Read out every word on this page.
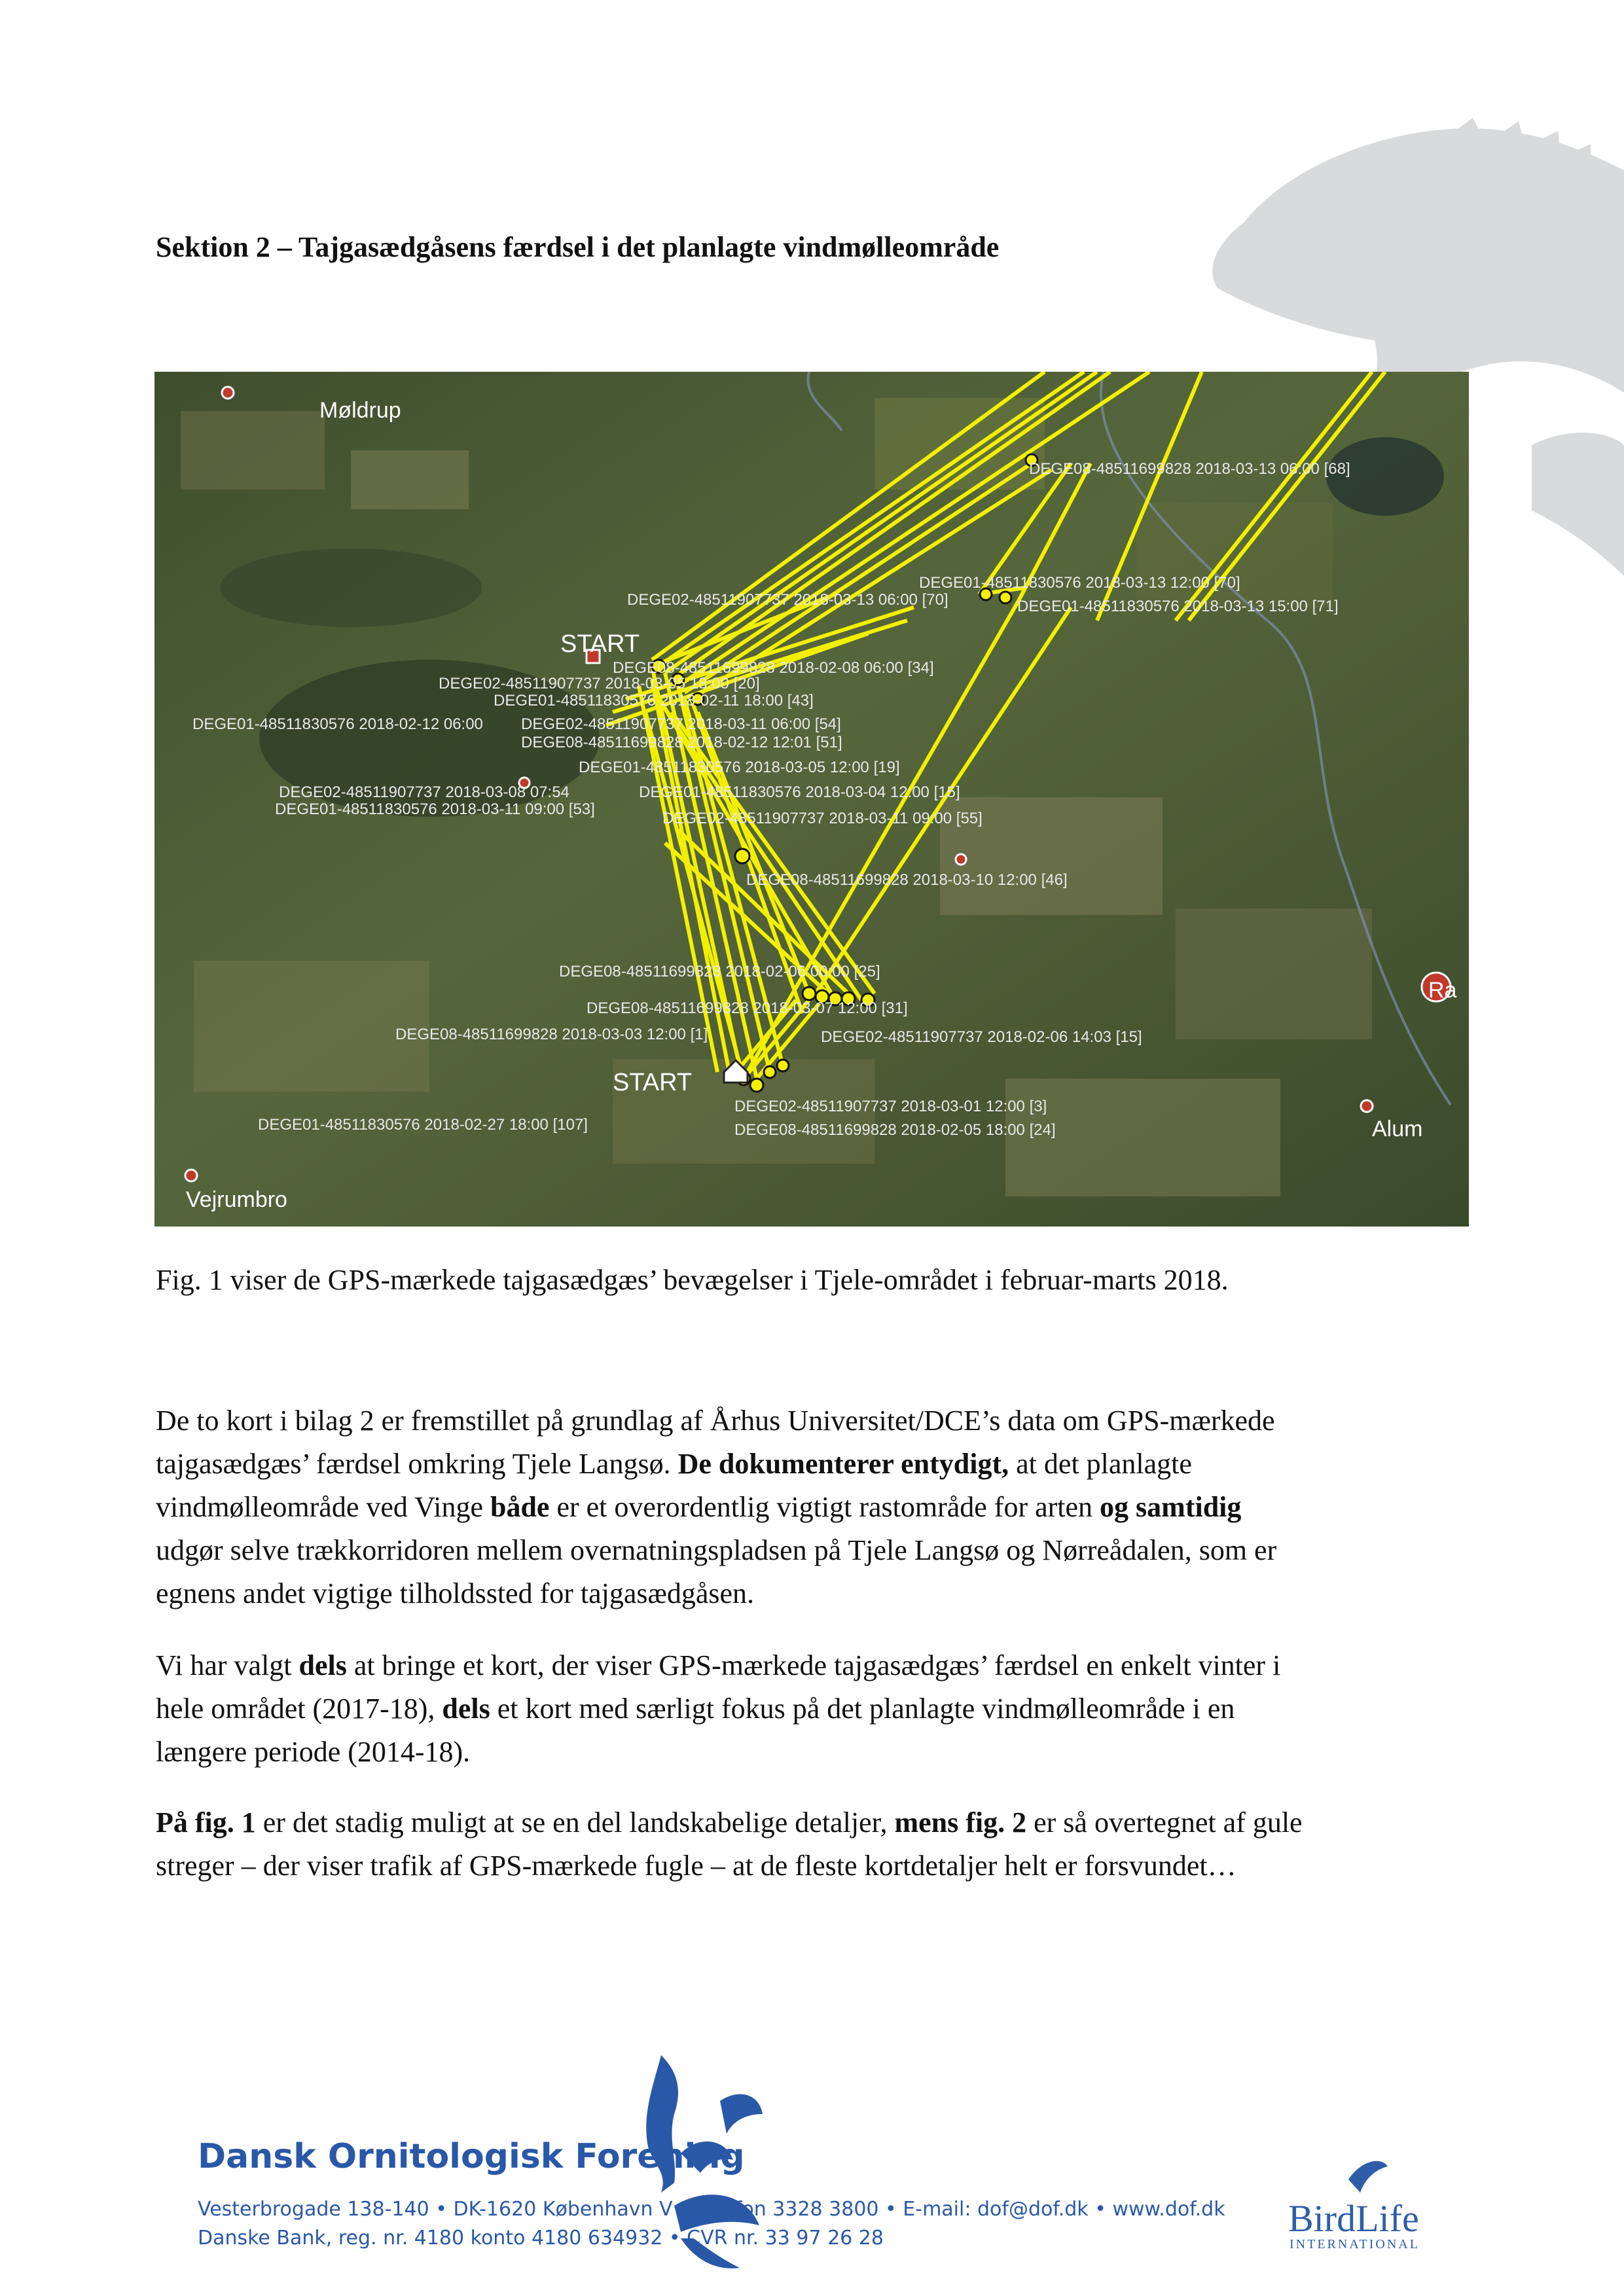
Sektion 2 – Tajgasædgåsens færdsel i det planlagte vindmølleområde
Møldrup
Vejrumbro
Alum
Ra
START
START
DEGE08-48511699828 2018-03-13 06:00 [68]
DEGE01-48511830576 2018-03-13 12:00 [70]
DEGE02-48511907737 2018-03-13 06:00 [70]	DEGE01-48511830576 2018-03-13 15:00 [71]
DEGE08-48511699828 2018-02-08 06:00 [34]
DEGE02-48511907737 2018-03-05 18:00 [20]
DEGE01-48511830576 2018-02-11 18:00 [43]
DEGE01-48511830576 2018-02-12 06:00 DEGE02-48511907737 2018-03-11 06:00 [54]
DEGE08-48511699828 2018-02-12 12:01 [51]
DEGE01-48511830576 2018-03-05 12:00 [19]
DEGE02-48511907737 2018-03-08 07:54	DEGE01-48511830576 2018-03-04 12:00 [15]
DEGE01-48511830576 2018-03-11 09:00 [53]
DEGE02-48511907737 2018-03-11 09:00 [55]
DEGE08-48511699828 2018-03-10 12:00 [46]
DEGE08-48511699828 2018-02-06 00:00 [25]
DEGE08-48511699828 2018-03-07 12:00 [31]
DEGE08-48511699828 2018-03-03 12:00 [1]	DEGE02-48511907737 2018-02-06 14:03 [15]
DEGE02-48511907737 2018-03-01 12:00 [3]
DEGE01-48511830576 2018-02-27 18:00 [107]	DEGE08-48511699828 2018-02-05 18:00 [24]
Fig. 1 viser de GPS-mærkede tajgasædgæs’ bevægelser i Tjele-området i februar-marts 2018.
De to kort i bilag 2 er fremstillet på grundlag af Århus Universitet/DCE’s data om GPS-mærkede
tajgasædgæs’ færdsel omkring Tjele Langsø. De dokumenterer entydigt, at det planlagte
vindmølleområde ved Vinge både er et overordentlig vigtigt rastområde for arten og samtidig
udgør selve trækkorridoren mellem overnatningspladsen på Tjele Langsø og Nørreådalen, som er
egnens andet vigtige tilholdssted for tajgasædgåsen.
Vi har valgt dels at bringe et kort, der viser GPS-mærkede tajgasædgæs’ færdsel en enkelt vinter i
hele området (2017-18), dels et kort med særligt fokus på det planlagte vindmølleområde i en
længere periode (2014-18).
På fig. 1 er det stadig muligt at se en del landskabelige detaljer, mens fig. 2 er så overtegnet af gule
streger – der viser trafik af GPS-mærkede fugle – at de fleste kortdetaljer helt er forsvundet…
Dansk Ornitologisk Forening
Vesterbrogade 138-140 • DK-1620 København V • Telefon 3328 3800 • E-mail: dof@dof.dk • www.dof.dk
Danske Bank, reg. nr. 4180 konto 4180 634932 • CVR nr. 33 97 26 28	BirdLife
INTERNATIONAL
